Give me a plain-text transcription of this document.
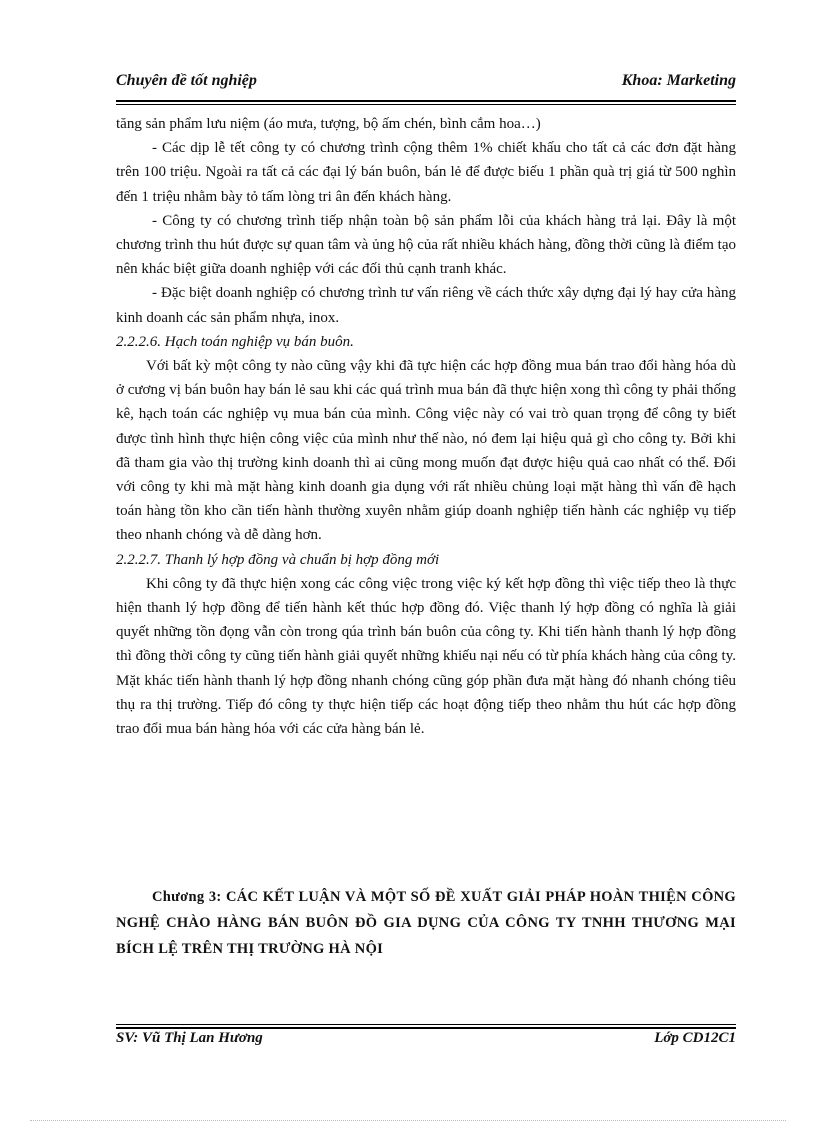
Chuyên đề tốt nghiệp	Khoa: Marketing

tăng sản phẩm lưu niệm (áo mưa, tượng, bộ ấm chén, bình cắm hoa…)

- Các dịp lễ tết công ty có chương trình cộng thêm 1% chiết khấu cho tất cả các đơn đặt hàng trên 100 triệu. Ngoài ra tất cả các đại lý bán buôn, bán lẻ để được biếu 1 phần quà trị giá từ 500 nghìn đến 1 triệu nhằm bày tỏ tấm lòng tri ân đến khách hàng.

- Công ty có chương trình tiếp nhận toàn bộ sản phẩm lỗi của khách hàng trả lại. Đây là một chương trình thu hút được sự quan tâm và ủng hộ của rất nhiều khách hàng, đồng thời cũng là điểm tạo nên khác biệt giữa doanh nghiệp với các đối thủ cạnh tranh khác.

- Đặc biệt doanh nghiệp có chương trình tư vấn riêng về cách thức xây dựng đại lý hay cửa hàng kinh doanh các sản phẩm nhựa, inox.

2.2.2.6. Hạch toán nghiệp vụ bán buôn.

Với bất kỳ một công ty nào cũng vậy khi đã tực hiện các hợp đồng mua bán trao đổi hàng hóa dù ở cương vị bán buôn hay bán lẻ sau khi các quá trình mua bán đã thực hiện xong thì công ty phải thống kê, hạch toán các nghiệp vụ mua bán của mình. Công việc này có vai trò quan trọng để công ty biết được tình hình thực hiện công việc của mình như thế nào, nó đem lại hiệu quả gì cho công ty. Bởi khi đã tham gia vào thị trường kinh doanh thì ai cũng mong muốn đạt được hiệu quả cao nhất có thể. Đối với công ty khi mà mặt hàng kinh doanh gia dụng với rất nhiều chủng loại mặt hàng thì vấn đề hạch toán hàng tồn kho cần tiến hành thường xuyên nhằm giúp doanh nghiệp tiến hành các nghiệp vụ tiếp theo nhanh chóng và dễ dàng hơn.

2.2.2.7. Thanh lý hợp đồng và chuẩn bị hợp đồng mới

Khi công ty đã thực hiện xong các công việc trong việc ký kết hợp đồng thì việc tiếp theo là thực hiện thanh lý hợp đồng để tiến hành kết thúc hợp đồng đó. Việc thanh lý hợp đồng có nghĩa là giải quyết những tồn đọng vẫn còn trong qúa trình bán buôn của công ty. Khi tiến hành thanh lý hợp đồng thì đồng thời công ty cũng tiến hành giải quyết những khiếu nại nếu có từ phía khách hàng của công ty. Mặt khác tiến hành thanh lý hợp đồng nhanh chóng cũng góp phần đưa mặt hàng đó nhanh chóng tiêu thụ ra thị trường. Tiếp đó công ty thực hiện tiếp các hoạt động tiếp theo nhằm thu hút các hợp đồng trao đổi mua bán hàng hóa với các cửa hàng bán lẻ.

Chương 3: CÁC KẾT LUẬN VÀ MỘT SỐ ĐỀ XUẤT GIẢI PHÁP HOÀN THIỆN CÔNG NGHỆ CHÀO HÀNG BÁN BUÔN ĐỒ GIA DỤNG CỦA CÔNG TY TNHH THƯƠNG MẠI BÍCH LỆ TRÊN THỊ TRƯỜNG HÀ NỘI
SV: Vũ Thị Lan Hương	Lớp CD12C1
